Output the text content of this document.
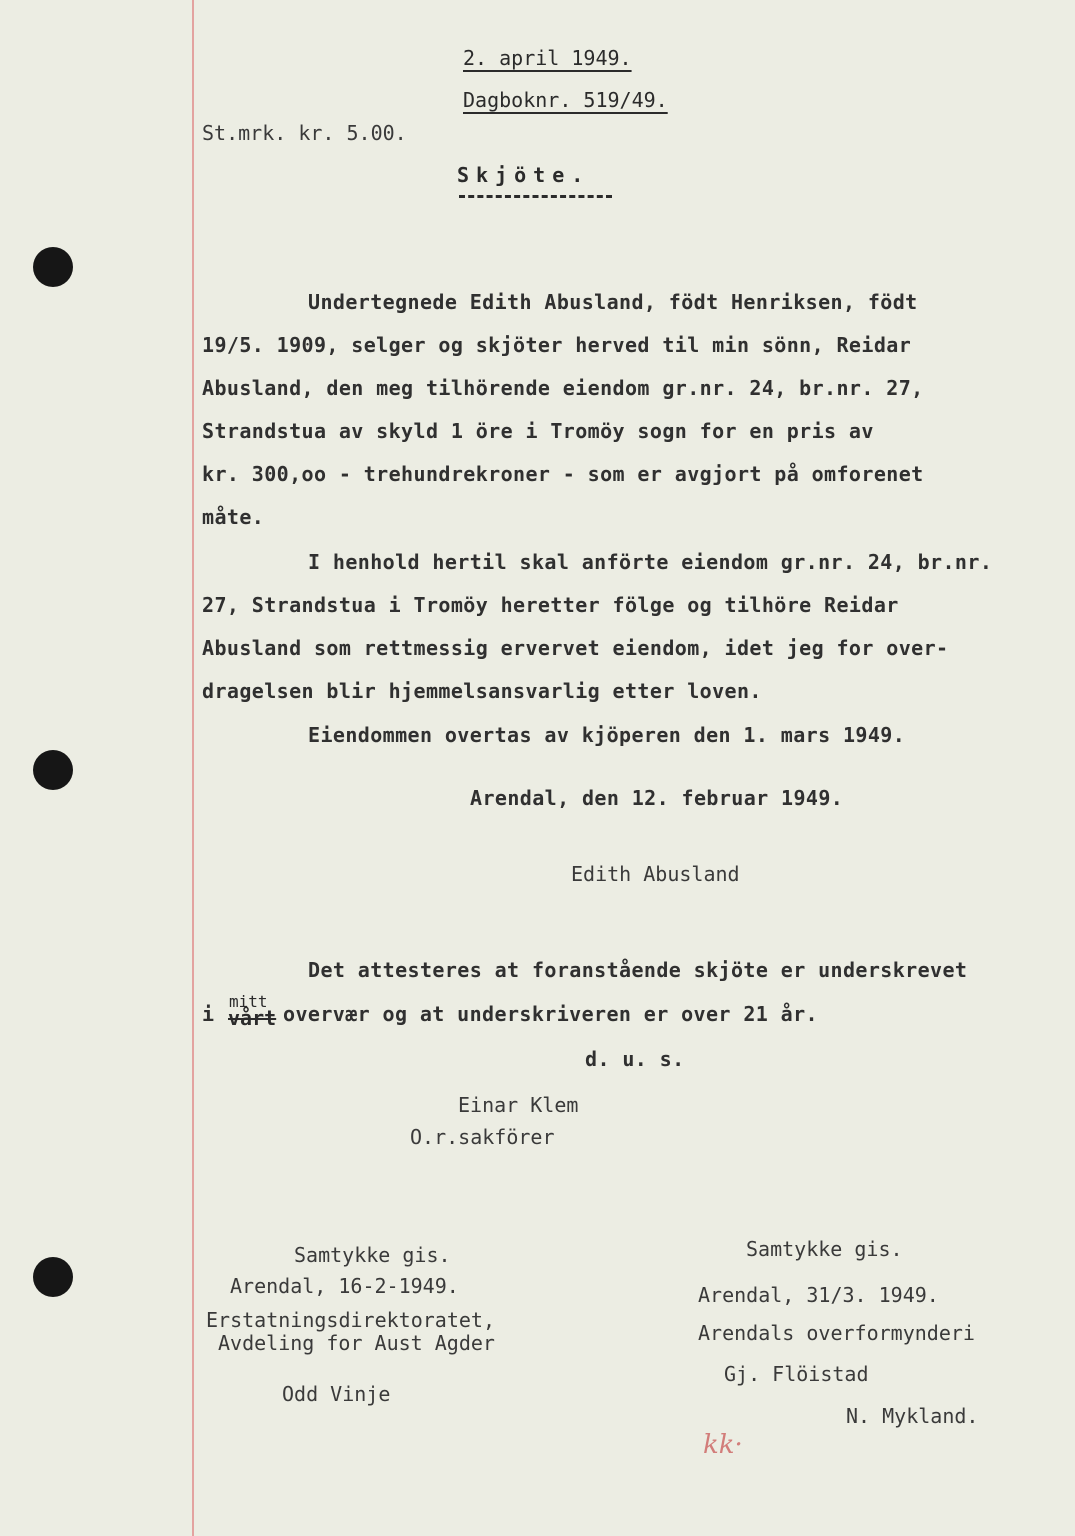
2. april 1949.
Dagboknr. 519/49.
St.mrk. kr. 5.00.
Skjöte.
Undertegnede Edith Abusland, födt Henriksen, födt
19/5. 1909, selger og skjöter herved til min sönn, Reidar
Abusland, den meg tilhörende eiendom gr.nr. 24, br.nr. 27,
Strandstua av skyld 1 öre i Tromöy sogn for en pris av
kr. 300,oo - trehundrekroner - som er avgjort på omforenet
måte.
I henhold hertil skal anförte eiendom gr.nr. 24, br.nr.
27, Strandstua i Tromöy heretter fölge og tilhöre Reidar
Abusland som rettmessig ervervet eiendom, idet jeg for over-
dragelsen blir hjemmelsansvarlig etter loven.
Eiendommen overtas av kjöperen den 1. mars 1949.
Arendal, den 12. februar 1949.
Edith Abusland
Det attesteres at foranstående skjöte er underskrevet
i
mitt
vårt overvær og at underskriveren er over 21 år.
d. u. s.
Einar Klem
O.r.sakförer
Samtykke gis.
Arendal, 16-2-1949.
Erstatningsdirektoratet,
Avdeling for Aust Agder
Odd Vinje
Samtykke gis.
Arendal, 31/3. 1949.
Arendals overformynderi
Gj. Flöistad
N. Mykland.
kk·
